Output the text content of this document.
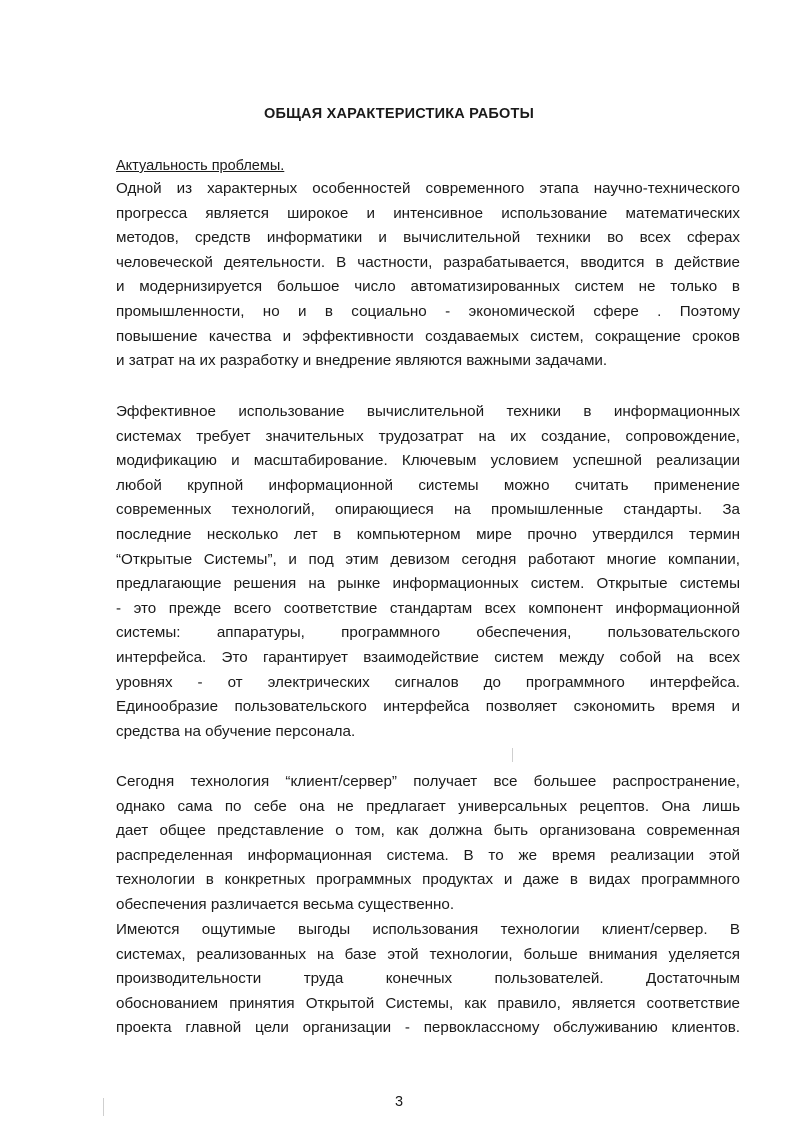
ОБЩАЯ ХАРАКТЕРИСТИКА РАБОТЫ
Актуальность проблемы.
Одной из характерных особенностей современного этапа научно-технического
прогресса является широкое и интенсивное использование математических
методов, средств информатики и вычислительной техники во всех сферах
человеческой деятельности. В частности, разрабатывается, вводится в действие
и модернизируется большое число автоматизированных систем не только в
промышленности, но и в социально - экономической сфере . Поэтому
повышение качества и эффективности создаваемых систем, сокращение сроков
и затрат на их разработку и внедрение являются важными задачами.
Эффективное использование вычислительной техники в информационных
системах требует значительных трудозатрат на их создание, сопровождение,
модификацию и масштабирование. Ключевым условием успешной реализации
любой крупной информационной системы можно считать применение
современных технологий, опирающиеся на промышленные стандарты. За
последние несколько лет в компьютерном мире прочно утвердился термин
“Открытые Системы”, и под этим девизом сегодня работают многие компании,
предлагающие решения на рынке информационных систем. Открытые системы
- это прежде всего соответствие стандартам всех компонент информационной
системы: аппаратуры, программного обеспечения, пользовательского
интерфейса. Это гарантирует взаимодействие систем между собой на всех
уровнях - от электрических сигналов до программного интерфейса.
Единообразие пользовательского интерфейса позволяет сэкономить время и
средства на обучение персонала.
Сегодня технология “клиент/сервер” получает все большее распространение,
однако сама по себе она не предлагает универсальных рецептов. Она лишь
дает общее представление о том, как должна быть организована современная
распределенная информационная система. В то же время реализации этой
технологии в конкретных программных продуктах и даже в видах программного
обеспечения различается весьма существенно.
Имеются ощутимые выгоды использования технологии клиент/сервер. В
системах, реализованных на базе этой технологии, больше внимания уделяется
производительности труда конечных пользователей. Достаточным
обоснованием принятия Открытой Системы, как правило, является соответствие
проекта главной цели организации - первоклассному обслуживанию клиентов.
3
